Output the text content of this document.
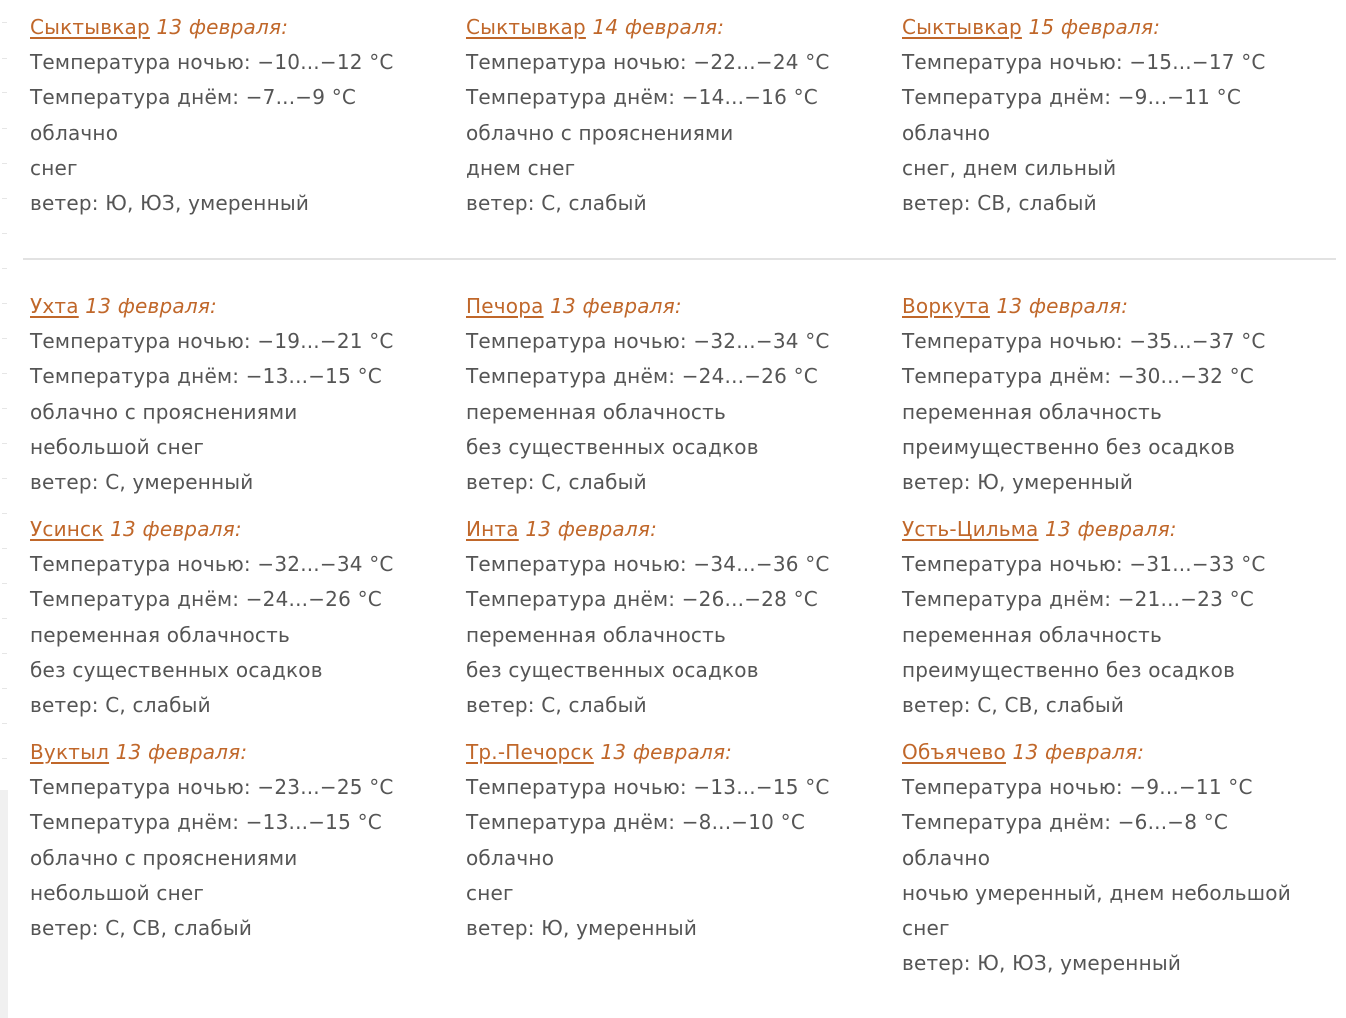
Сыктывкар 13 февраля:
Температура ночью: −10...−12 °C
Температура днём: −7...−9 °C
облачно
снег
ветер: Ю, ЮЗ, умеренный
Сыктывкар 14 февраля:
Температура ночью: −22...−24 °C
Температура днём: −14...−16 °C
облачно с прояснениями
днем снег
ветер: С, слабый
Сыктывкар 15 февраля:
Температура ночью: −15...−17 °C
Температура днём: −9...−11 °C
облачно
снег, днем сильный
ветер: СВ, слабый
Ухта 13 февраля:
Температура ночью: −19...−21 °C
Температура днём: −13...−15 °C
облачно с прояснениями
небольшой снег
ветер: С, умеренный
Печора 13 февраля:
Температура ночью: −32...−34 °C
Температура днём: −24...−26 °C
переменная облачность
без существенных осадков
ветер: С, слабый
Воркута 13 февраля:
Температура ночью: −35...−37 °C
Температура днём: −30...−32 °C
переменная облачность
преимущественно без осадков
ветер: Ю, умеренный
Усинск 13 февраля:
Температура ночью: −32...−34 °C
Температура днём: −24...−26 °C
переменная облачность
без существенных осадков
ветер: С, слабый
Инта 13 февраля:
Температура ночью: −34...−36 °C
Температура днём: −26...−28 °C
переменная облачность
без существенных осадков
ветер: С, слабый
Усть-Цильма 13 февраля:
Температура ночью: −31...−33 °C
Температура днём: −21...−23 °C
переменная облачность
преимущественно без осадков
ветер: С, СВ, слабый
Вуктыл 13 февраля:
Температура ночью: −23...−25 °C
Температура днём: −13...−15 °C
облачно с прояснениями
небольшой снег
ветер: С, СВ, слабый
Тр.-Печорск 13 февраля:
Температура ночью: −13...−15 °C
Температура днём: −8...−10 °C
облачно
снег
ветер: Ю, умеренный
Объячево 13 февраля:
Температура ночью: −9...−11 °C
Температура днём: −6...−8 °C
облачно
ночью умеренный, днем небольшой
снег
ветер: Ю, ЮЗ, умеренный
